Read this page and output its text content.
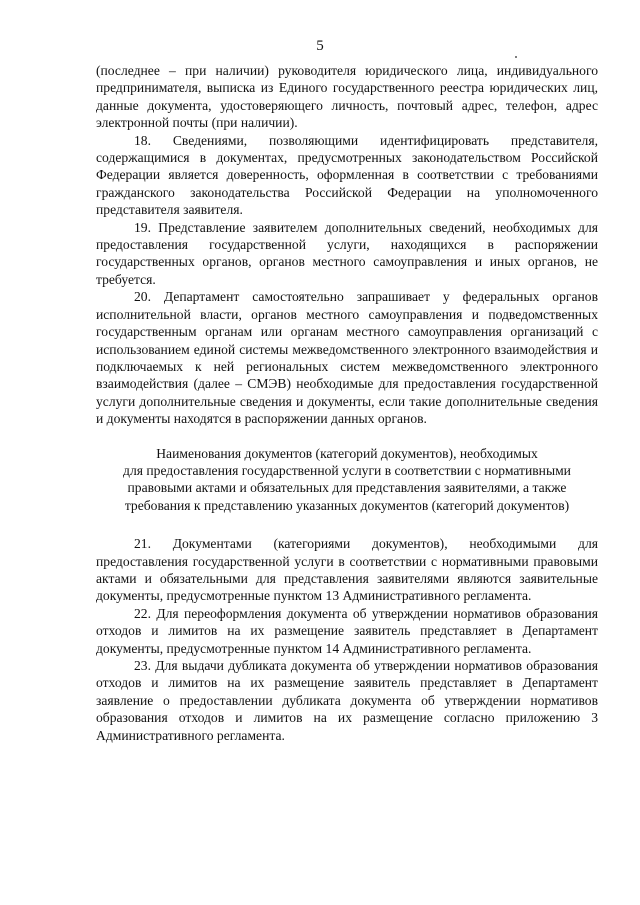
5

(последнее – при наличии) руководителя юридического лица, индивидуального предпринимателя, выписка из Единого государственного реестра юридических лиц, данные документа, удостоверяющего личность, почтовый адрес, телефон, адрес электронной почты (при наличии).

18. Сведениями, позволяющими идентифицировать представителя, содержащимися в документах, предусмотренных законодательством Российской Федерации является доверенность, оформленная в соответствии с требованиями гражданского законодательства Российской Федерации на уполномоченного представителя заявителя.

19. Представление заявителем дополнительных сведений, необходимых для предоставления государственной услуги, находящихся в распоряжении государственных органов, органов местного самоуправления и иных органов, не требуется.

20. Департамент самостоятельно запрашивает у федеральных органов исполнительной власти, органов местного самоуправления и подведомственных государственным органам или органам местного самоуправления организаций с использованием единой системы межведомственного электронного взаимодействия и подключаемых к ней региональных систем межведомственного электронного взаимодействия (далее – СМЭВ) необходимые для предоставления государственной услуги дополнительные сведения и документы, если такие дополнительные сведения и документы находятся в распоряжении данных органов.

Наименования документов (категорий документов), необходимых
для предоставления государственной услуги в соответствии с нормативными
правовыми актами и обязательных для представления заявителями, а также
требования к представлению указанных документов (категорий документов)

21. Документами (категориями документов), необходимыми для предоставления государственной услуги в соответствии с нормативными правовыми актами и обязательными для представления заявителями являются заявительные документы, предусмотренные пунктом 13 Административного регламента.

22. Для переоформления документа об утверждении нормативов образования отходов и лимитов на их размещение заявитель представляет в Департамент документы, предусмотренные пунктом 14 Административного регламента.

23. Для выдачи дубликата документа об утверждении нормативов образования отходов и лимитов на их размещение заявитель представляет в Департамент заявление о предоставлении дубликата документа об утверждении нормативов образования отходов и лимитов на их размещение согласно приложению 3 Административного регламента.
